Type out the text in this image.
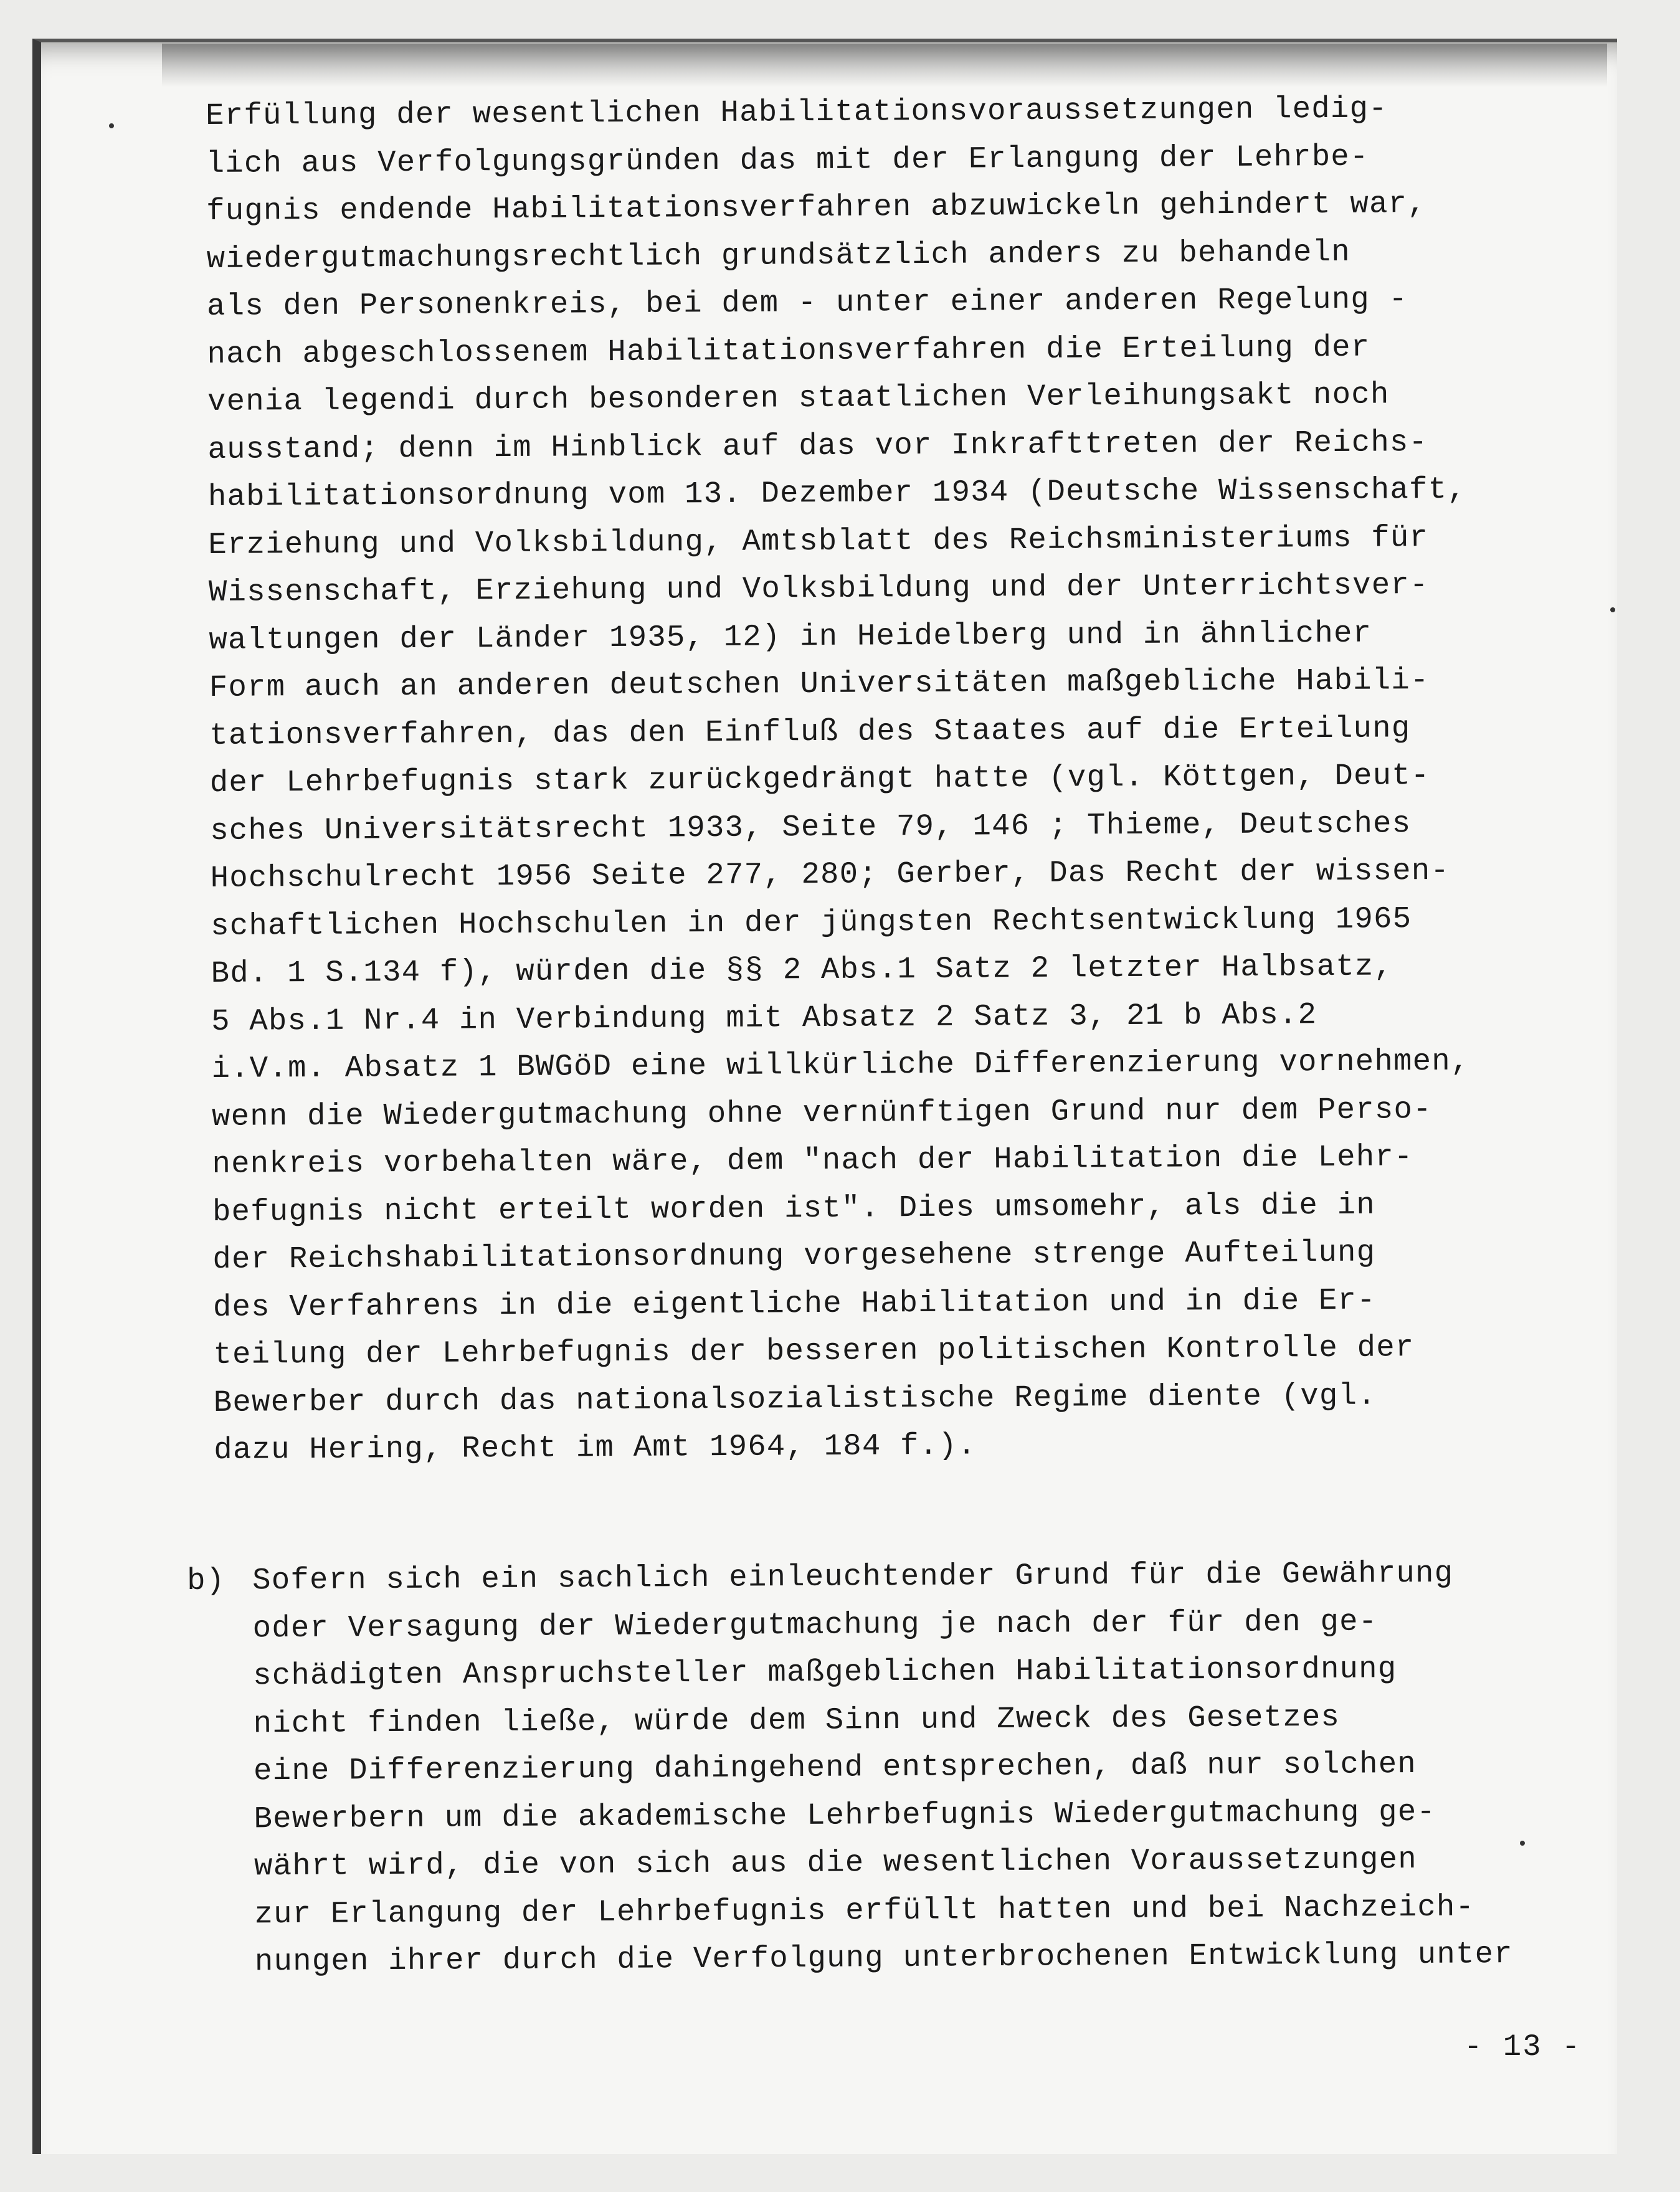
Erfüllung der wesentlichen Habilitationsvoraussetzungen ledig-
lich aus Verfolgungsgründen das mit der Erlangung der Lehrbe-
fugnis endende Habilitationsverfahren abzuwickeln gehindert war,
wiedergutmachungsrechtlich grundsätzlich anders zu behandeln
als den Personenkreis, bei dem - unter einer anderen Regelung -
nach abgeschlossenem Habilitationsverfahren die Erteilung der
venia legendi durch besonderen staatlichen Verleihungsakt noch
ausstand; denn im Hinblick auf das vor Inkrafttreten der Reichs-
habilitationsordnung vom 13. Dezember 1934 (Deutsche Wissenschaft,
Erziehung und Volksbildung, Amtsblatt des Reichsministeriums für
Wissenschaft, Erziehung und Volksbildung und der Unterrichtsver-
waltungen der Länder 1935, 12) in Heidelberg und in ähnlicher
Form auch an anderen deutschen Universitäten maßgebliche Habili-
tationsverfahren, das den Einfluß des Staates auf die Erteilung
der Lehrbefugnis stark zurückgedrängt hatte (vgl. Köttgen, Deut-
sches Universitätsrecht 1933, Seite 79, 146 ; Thieme, Deutsches
Hochschulrecht 1956 Seite 277, 280; Gerber, Das Recht der wissen-
schaftlichen Hochschulen in der jüngsten Rechtsentwicklung 1965
Bd. 1 S.134 f), würden die §§ 2 Abs.1 Satz 2 letzter Halbsatz,
5 Abs.1 Nr.4 in Verbindung mit Absatz 2 Satz 3, 21 b Abs.2
i.V.m. Absatz 1 BWGöD eine willkürliche Differenzierung vornehmen,
wenn die Wiedergutmachung ohne vernünftigen Grund nur dem Perso-
nenkreis vorbehalten wäre, dem "nach der Habilitation die Lehr-
befugnis nicht erteilt worden ist". Dies umsomehr, als die in
der Reichshabilitationsordnung vorgesehene strenge Aufteilung
des Verfahrens in die eigentliche Habilitation und in die Er-
teilung der Lehrbefugnis der besseren politischen Kontrolle der
Bewerber durch das nationalsozialistische Regime diente (vgl.
dazu Hering, Recht im Amt 1964, 184 f.).
b) Sofern sich ein sachlich einleuchtender Grund für die Gewährung
oder Versagung der Wiedergutmachung je nach der für den ge-
schädigten Anspruchsteller maßgeblichen Habilitationsordnung
nicht finden ließe, würde dem Sinn und Zweck des Gesetzes
eine Differenzierung dahingehend entsprechen, daß nur solchen
Bewerbern um die akademische Lehrbefugnis Wiedergutmachung ge-
währt wird, die von sich aus die wesentlichen Voraussetzungen
zur Erlangung der Lehrbefugnis erfüllt hatten und bei Nachzeich-
nungen ihrer durch die Verfolgung unterbrochenen Entwicklung unter
- 13 -
